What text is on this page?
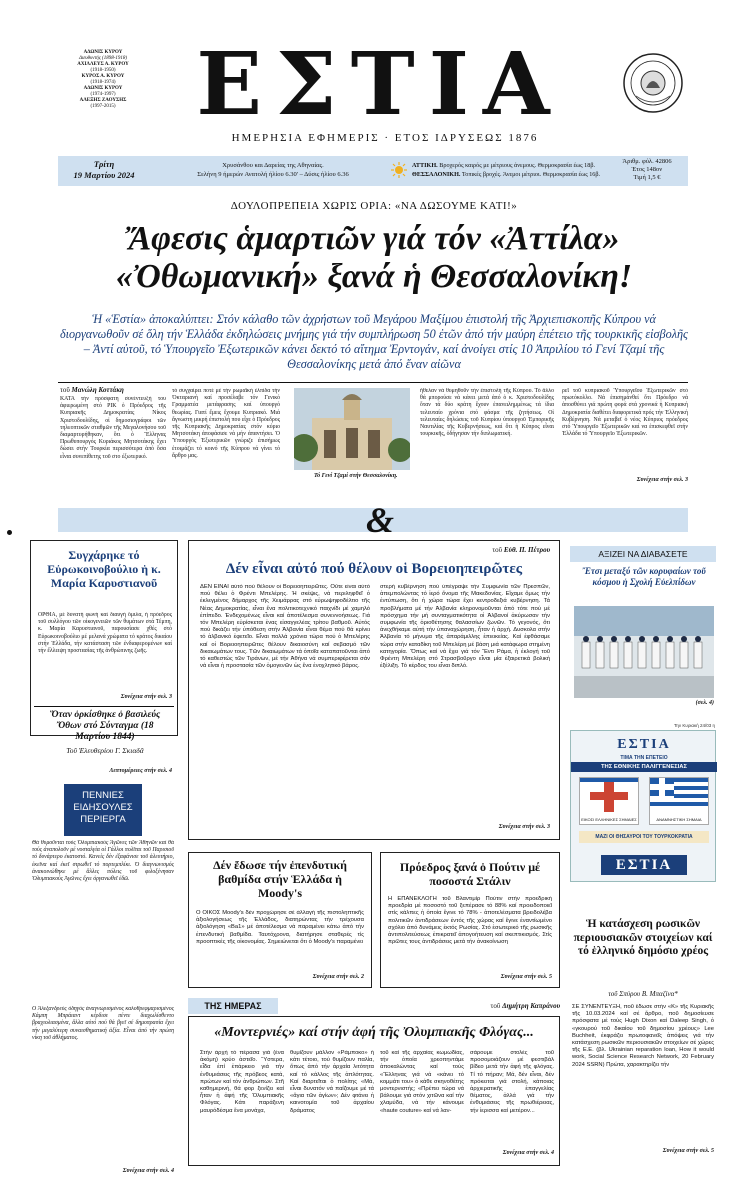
ΑΔΩΝΙΣ ΚΥΡΟΥ
Διευθυντής (1898-1918)
ΑΧΙΛΛΕΥΣ Α. ΚΥΡΟΥ
(1918-1950)
ΚΥΡΟΣ Α. ΚΥΡΟΥ
(1918-1974)
ΑΔΩΝΙΣ ΚΥΡΟΥ
(1974-1997)
ΑΛΕΞΗΣ ΖΑΟΥΣΗΣ
(1997-2015) ΕΣΤΙΑ
ΗΜΕΡΗΣΙΑ ΕΦΗΜΕΡΙΣ · ΕΤΟΣ ΙΔΡΥΣΕΩΣ 1876
Τρίτη
19 Μαρτίου 2024
Χρυσάνθου και Δαρείας της Αθηναίας.
Σελήνη 9 ήμερών Ανατολή ήλίου 6.30' – Δύσις ήλίου 6.36
ΑΤΤΙΚΗ. Βροχερός καιρός με μέτριους άνεμους. Θερμοκρασία έως 18β.
ΘΕΣΣΑΛΟΝΙΚΗ. Τοπικές βροχές. Άνεμοι μέτριοι. Θερμοκρασία έως 16β.
Άριθμ. φύλ. 42806
Έτος 148ον
Τιμή 1,5 €
ΔΟΥΛΟΠΡΕΠΕΙΑ ΧΩΡΙΣ ΟΡΙΑ: «ΝΑ ΔΩΣΟΥΜΕ ΚΑΤΙ!»
Ἄφεσις ἁμαρτιῶν γιά τόν «Ἀττίλα»
«Ὀθωμανική» ξανά ἡ Θεσσαλονίκη!
Ἡ «Ἑστία» ἀποκαλύπτει: Στόν κάλαθο τῶν ἀχρήστων τοῦ Μεγάρου Μαξίμου ἐπιστολή τῆς Ἀρχιεπισκοπῆς Κύπρου νά διοργανωθοῦν σέ ὅλη τήν Ἑλλάδα ἐκδηλώσεις μνήμης γιά τήν συμπλήρωση 50 ἐτῶν ἀπό τήν μαύρη ἐπέτειο τῆς τουρκικῆς εἰσβολῆς – Ἀντί αὐτοῦ, τό Ὑπουργεῖο Ἐξωτερικῶν κάνει δεκτό τό αἴτημα Ἐρντογάν, καί ἀνοίγει στίς 10 Ἀπριλίου τό Γενί Τζαμί τῆς Θεσσαλονίκης μετά ἀπό ἕναν αἰῶνα
τοῦ Μανώλη Κοττάκη
ΚΑΤΑ τήν πρόσφατη συνέντευξή του ἀφιερωμένη στό ΡΙΚ ὁ Πρόεδρος τῆς Κυπριακῆς Δημοκρατίας Νίκος Χριστοδουλίδης, οἱ δημοσιογράφοι τῶν τηλεοπτικῶν σταθμῶν τῆς Μεγαλονήσου τοῦ διαμαρτυρήθηκαν, ὅτι ὁ Ἕλληνας Πρωθυπουργός Κυριάκος Μητσοτάκης ἔχει δώσει στήν Τουρκία περισσότερα ἀπό ὅσα εἶναι συνεπίθετης τοῦ στο ἐξωτερικό.
τό συγχαίρει ποτέ μέ τήν ρωμαϊκή ἐλπίδα τήν Ὀκταριανή καί προσέλαβε τόν Γενικό Γραμματέα μετάφρασης καί ὑπουργό θεωρίας. Γιατί ἔμεις ἔχουμε Κυπριακό. Μιά ἄγνωστη μικρή ἐπιστολή που εἶχε ὁ Πρόεδρος τῆς Κυπριακῆς Δημοκρατίας στόν κύριο Μητσοτάκη ἀποφάσισε νά μήν ἀπαντήσει. Ὁ Ὑπουργός Ἐξωτερικῶν γνώριζε ἐπισήμως ἐτοιμάζει τό κοινό τῆς Κύπρου νά γίνει τό ἄρθρο μας.
Τό Γενί Τζαμί στήν Θεσσαλονίκη.
ἤθελαν νά θυμηθοῦν τήν ἐπιστολή τῆς Κύπρου. Τό ἄλλο θά μπορούσε νά κάνει μετά ἀπό ὁ κ. Χριστοδουλίδης ὅταν τά δύο κράτη ἔχουν ἐπανειλημμένως τά ίδια τελευταίο χρόνια στό φάσμα τῆς ζητήσεως. Οἱ τελευταίες δηλώσεις τοῦ Κυπρίου ὑπουργοῦ Ἐμπορικῆς Ναυτιλίας τῆς Κυβερνήσεως, καί ὅτι ἡ Κύπρος εἶναι τουρκικῆς, ὁδήγησαν τήν διπλωματική.
ρεῖ τοῦ κυπριακοῦ Ὑπουργεῖου Ἐξωτερικῶν στό πρωτόκολλο. Νά ἐπισημάνθεί ὅτι Πρόεδρο νά ἀποσθύνει γιά πρώτη φορά στά χρονικά ἡ Κυπριακή Δημοκρατία διαθέτει διαφορετικά πρός τήν Ἑλληνική Κυβέρνηση. Νά μεταβεῖ ὁ νέος Κύπριος πρόεδρος στό Ὑπουργεῖο Ἐξωτερικῶν καί να ἐπισκεφθεῖ στήν Ἑλλάδα τό Ὑπουργεῖο Ἐξωτερικῶν.
Συνέχεια στήν σελ. 3
&
Συγχάρηκε τό Εὐρωκοινοβούλιο ἡ κ. Μαρία Καρυστιανοῦ
ΟΡΘΙΑ, μέ δυνατή φωνή καί διαυγή ὅμιλα, ἡ πρόεδρος τοῦ συλλόγου τῶν οἰκογενειῶν τῶν θυμάτων στά Τέμπη, κ. Μαρία Καρυστιανοῦ, παρουσίασε χθές στό Εὐρωκοινοβούλιο μέ μελανά χρώματα τό κράτος δικαίου στήν Ἑλλάδα, τήν κατάσταση τῶν ἐνδιαφερομένων καί τήν ἔλλειψη προστασίας τῆς ἀνθρώπινης ζωῆς.
Συνέχεια στήν σελ. 3
Ὅταν ὁρκίσθηκε ὁ βασιλεύς Ὄθων στό Σύνταγμα (18 Μαρτίου 1844)
Τοῦ Ἐλευθερίου Γ. Σκιαδᾶ
Λεπτομέρειες στήν σελ. 4
ΠΕΝΝΙΕΣ
ΕΙΔΗΣΟΥΛΕΣ
ΠΕΡΙΕΡΓΑ
Θά θυμοῦνται τούς Ὀλυμπιακούς Ἀγῶνες τῶν Ἀθηνῶν καί θά τούς ἀναπολοῦν μέ νοσταλγία οἱ Γάλλοι πολῖται τοῦ Παρισιοῦ τό δυνάρτερο ἐκατοστό. Κανείς δέν ἐξαφάνισε τοῦ ἀλευτήριο, ἐκεῖνα καί ἐκεῖ στρωθεῖ τό πορτεμπλίκι. Ὁ διαγνωνισμός ἀνακοινώθηκε μέ ἅλλες πόλεις τοῦ φιλοξένησαν Ὀλυμπιακούς Ἀγῶνες ἔχει ὀργανωθεῖ ἐδῶ.
Ο Ἀλεξανδρεύς ὁδηγός ἀναγνωρισμένος καλοθρεφμαρισμένος Κάμπη Μπράιαντ κέρδισε πέντε διαχωλίσθεντο βραχιολιασμένα, ἄλλα αὐτό πού θά βγεῖ σέ δημοπρασία ἔχει τήν μεγαλύτερη συναισθηματική ἀξία. Εἶναι ἀπό τήν πρώτη νίκη τοῦ ἀθλήματος.
Συνέχεια στήν σελ. 4
τοῦ Εὐθ. Π. Πέτρου
Δέν εἶναι αὐτό πού θέλουν οἱ Βορειοηπειρῶτες
ΔΕΝ ΕΙΝΑΙ αὐτό πού θέλουν οἱ Βορειοηπειρῶτες. Οὔτε εἶναι αὐτό πού θέλει ὁ Φρέντι Μπελέρης. Ἡ σκέψις, νά περιληφθεῖ ὁ ἐκλεγμένος δήμαρχος τῆς Χειμάρρας στό εὐρωψηφοδέλτιο τῆς Νέας Δημοκρατίας, εἶναι ἕνα πολιτικοτεχνικό παιχνίδι μέ χαμηλό ἐπίπεδο. Ἐνδεχομένως εἶναι καί ἀποτέλεσμα συνεννοήσεως. Γιά τόν Μπελέρη εὑρίσκεται ἐνας εἰσαγγελέας τρίτου βαθμοῦ. Αὐτός πού δικάζει τήν ὑπόθεση στήν Ἀλβανία εἶναι θέμα πού θά κρίνει τό ἀλβανικό ἐφετεῖο. Εἶναι πολλά χρόνια τώρα πού ὁ Μπελέρης καί οἱ Βορειοηπειρῶτες θέλουν δικαιοσύνη καί σεβασμό τῶν δικαιωμάτων τους. Τῶν δικαιωμάτων τά ὁποῖα καταπατοῦνται ἀπό τό καθεστώς τῶν Τιράνων, μέ τήν Ἀθήνα νά συμπεριφέρεται σάν νά εἶναι ἡ προστασία τῶν ὁμογενῶν ὡς ἕνα ἐνοχλητικό βάρος.
στερή κυβέρνηση πού ὑπέγραψε τήν Συμφωνία τῶν Πρεσπῶν, ἀπεμπολώντας τό ἱερό ὄνομα τῆς Μακεδονίας. Εἴχαμε ὅμως τήν ἐντύπωση, ὅτι ἡ χώρα τώρα ἔχει κεντροδεξιά κυβέρνηση. Τά προβλήματα μέ τήν Ἀλβανία κληρονομοῦνται ἀπό τότε πού μέ πρόσχημα τήν μή συνταγματικότητα οἱ Ἀλβανοί ἀκύρωσαν τήν συμφωνία τῆς ὁριοθέτησης θαλασσίων ζωνῶν. Τό γεγονός, ὅτι ἀνεχθήκαμε αὐτή τήν ὑπαναχώρηση, ἦταν ἡ ἀρχή. Δυσκολα στήν Ἀλβανία τό μήνυμα τῆς ἀπαράμιλλης ἐπιεικείας. Καί ἐφθάσαμε τώρα στήν καταδίκη τοῦ Μπελέρη μέ βάση μιά κατάφωρα στημένη κατηγορία. Ὅπως καί νά ἔχει γιά τόν Ἔντι Ράμα, ἡ ἐκλογή τοῦ Φρέντη Μπελέρη στό Στρασβοῦργο εἶναι μία ἐξαιρετικά βολική ἐξέλιξη. Τό κέρδος του εἶναι διπλό.
Συνέχεια στήν σελ. 3
Δέν ἔδωσε τήν ἐπενδυτική βαθμίδα στήν Ἑλλάδα ἡ Moody's
Ο ΟΙΚΟΣ Moody's δέν προχώρησε σέ ἀλλαγή τῆς πιστοληπτικῆς ἀξιολογήσεως τῆς Ἑλλάδος, διατηρώντας τήν τρέχουσα ἀξιολόγηση «Ba1» μέ ἀποτέλεσμα νά παραμένει κάτω ἀπό τήν ἐπενδυτική βαθμίδα. Ταυτόχρονα, διατήρησε σταθερές τίς προοπτικές τῆς οἰκονομίας. Σημειώνεται ὅτι ὁ Moody's παραμένει
Συνέχεια στήν σελ. 2
Πρόεδρος ξανά ὁ Πούτιν μέ ποσοστά Στάλιν
Η ΕΠΑΝΕΚΛΟΓΗ τοῦ Βλαντιμίρ Πούτιν στήν προεδρική προεδρία μέ ποσοστό τοῦ ξεπέρασε τό 88% καί προειδοποιεῖ στίς κάλπες ἡ ὁποία ἔγινε τό 78% - ἀποτελέσματα βρειδολέβα πολιτικῶν ἀντιδράσεων ἐντός τῆς χώρας καί ἔγινε ἐναντίωμένο σχόλιο ἀπό δυνάμεις ἐκτός Ρωσίας. Στό ἐσωτερικό τῆς ρωσικῆς ἀντιπολιτεύσεως ἐπικρατεῖ ἀπογοήτευση καί σκεπτικισμός. Στίς πρῶτες τους ἀντιδράσεις μετά τήν ἀνακοίνωση
Συνέχεια στήν σελ. 5
ΑΞΙΖΕΙ ΝΑ ΔΙΑΒΑΣΕΤΕ
Ἔτσι μεταξύ τῶν κορυφαίων τοῦ κόσμου ἡ Σχολή Εὐελπίδων
(σελ. 4)
Την Κυριακή 24/03 η
ΕΣΤΙΑ
ΤΙΜΑ ΤΗΝ ΕΠΕΤΕΙΟ
ΤΗΣ ΕΘΝΙΚΗΣ ΠΑΛΙΓΓΕΝΕΣΙΑΣ
ΕΙΚΟΣΙ ΕΛΛΗΝΙΚΕΣ ΣΗΜΑΙΕΣ	ΑΝΑΜΝΗΣΤΙΚΗ ΣΗΜΑΙΑ
ΜΑΖΙ ΟΙ ΘΗΣΑΥΡΟΙ ΤΟΥ ΤΟΥΡΚΟΚΡΑΤΙΑ
ΕΣΤΙΑ
Ἡ κατάσχεση ρωσικῶν περιουσιακῶν στοιχείων καί τό ἑλληνικό δημόσιο χρέος
τοῦ Σπύρου Β. Μπαζίνα*
ΣΕ ΣΥΝΕΝΤΕΥΞΗ, ποῦ ἔδωσε στήν «Κ» τῆς Κυριακῆς τῆς 10.03.2024 καί σέ ἄρθρο, ποῦ δημοσίευσε πρόσφατα μέ τούς Hugh Dixon καί Daleep Singh, ὁ «γκουρού τοῦ δικαίου τοῦ δημοσίου χρέους» Lee Buchheit, ἐκφράζει πρωτοφανεῖς ἀπόψεις γιά τήν κατάσχεση ρωσικῶν περιουσιακῶν στοιχείων σέ χώρες τῆς Ε.Ε. (βλ. Ukrainian reparation loan, How it would work, Social Science Research Network, 20 February 2024 SSRN) Πρώτα, χαρακτηρίζει τήν
Συνέχεια στήν σελ. 5
ΤΗΣ ΗΜΕΡΑΣ	τοῦ Δημήτρη Καπράνου
«Μοντερνιές» καί στήν ἀφή τῆς Ὀλυμπιακῆς Φλόγας...
Στήν ἀρχή τό πέρασα γιά (ένα ἀκόμη) κρύο ἀστεῖο. Ὕστερα, εἶδα ἐπί ἐπάρκειο γιά τήν ἐνθυμιάσεις τῆς πρόβεος κατά, πρώτων καί τόν ἀνθρώπων. Στῆ καθημερινή, θά φορ ξενίζει καί ἦταν ἡ ἀφή τῆς Ὀλυμπιακῆς Φλόγας. Κάτι παράξενη μαυρόδέσμα ἔνα μονάχα,
θυμίζουν μάλλον «Ράμποκο» ἤ κάτι τέτοιο, τού θυμίζουν παλία, ὅπως ἀπό τήν ἀρχαία λιτότητα καί τό κάλλος τῆς ἀπλότητας. Καί διαρτεῖται ὁ πολίτης «Μά, εἶναι δυνατόν νά παίζουμε μέ τά «ἅγια τῶν ἁγίων»; Δέν φτάνει ἡ καινοτομία τοῦ ἀρχαίου δράματος
τοῦ καί τῆς ἀρχαίας κωμωδίας, τήν ὁποία χρεοπηντάμε ἀποκαλώντας καί τούς «Ἕλληνας γιά νά «κάνει τό κομμάτι του» ὁ κάθε σκηνοθέτης μοντερνιστής; «Πρέπει τώρα νά βάλουμε γιά στόν χιτῶνα καί τήν χλαμύδα, νά τήν κάνουμε «haute couture» καί νά λαν-
σάρουμε στολές τοῦ προσομοιάζουν μέ φεστιβάλ βίδεο μετά τήν ἀφή τῆς φλόγας. Τί τό πήραν; Μά, δέν εἶναι, δέν πρόκειται γιά στολή, κάποιας ἀρχιερατικῆς ἐπαγγελίας θέματος, ἀλλά γιά τήν ἐνθυμιάσεις τῆς πρωθιέρειας, τήν ἰερισσα καί μετέρον...
Συνέχεια στήν σελ. 4
